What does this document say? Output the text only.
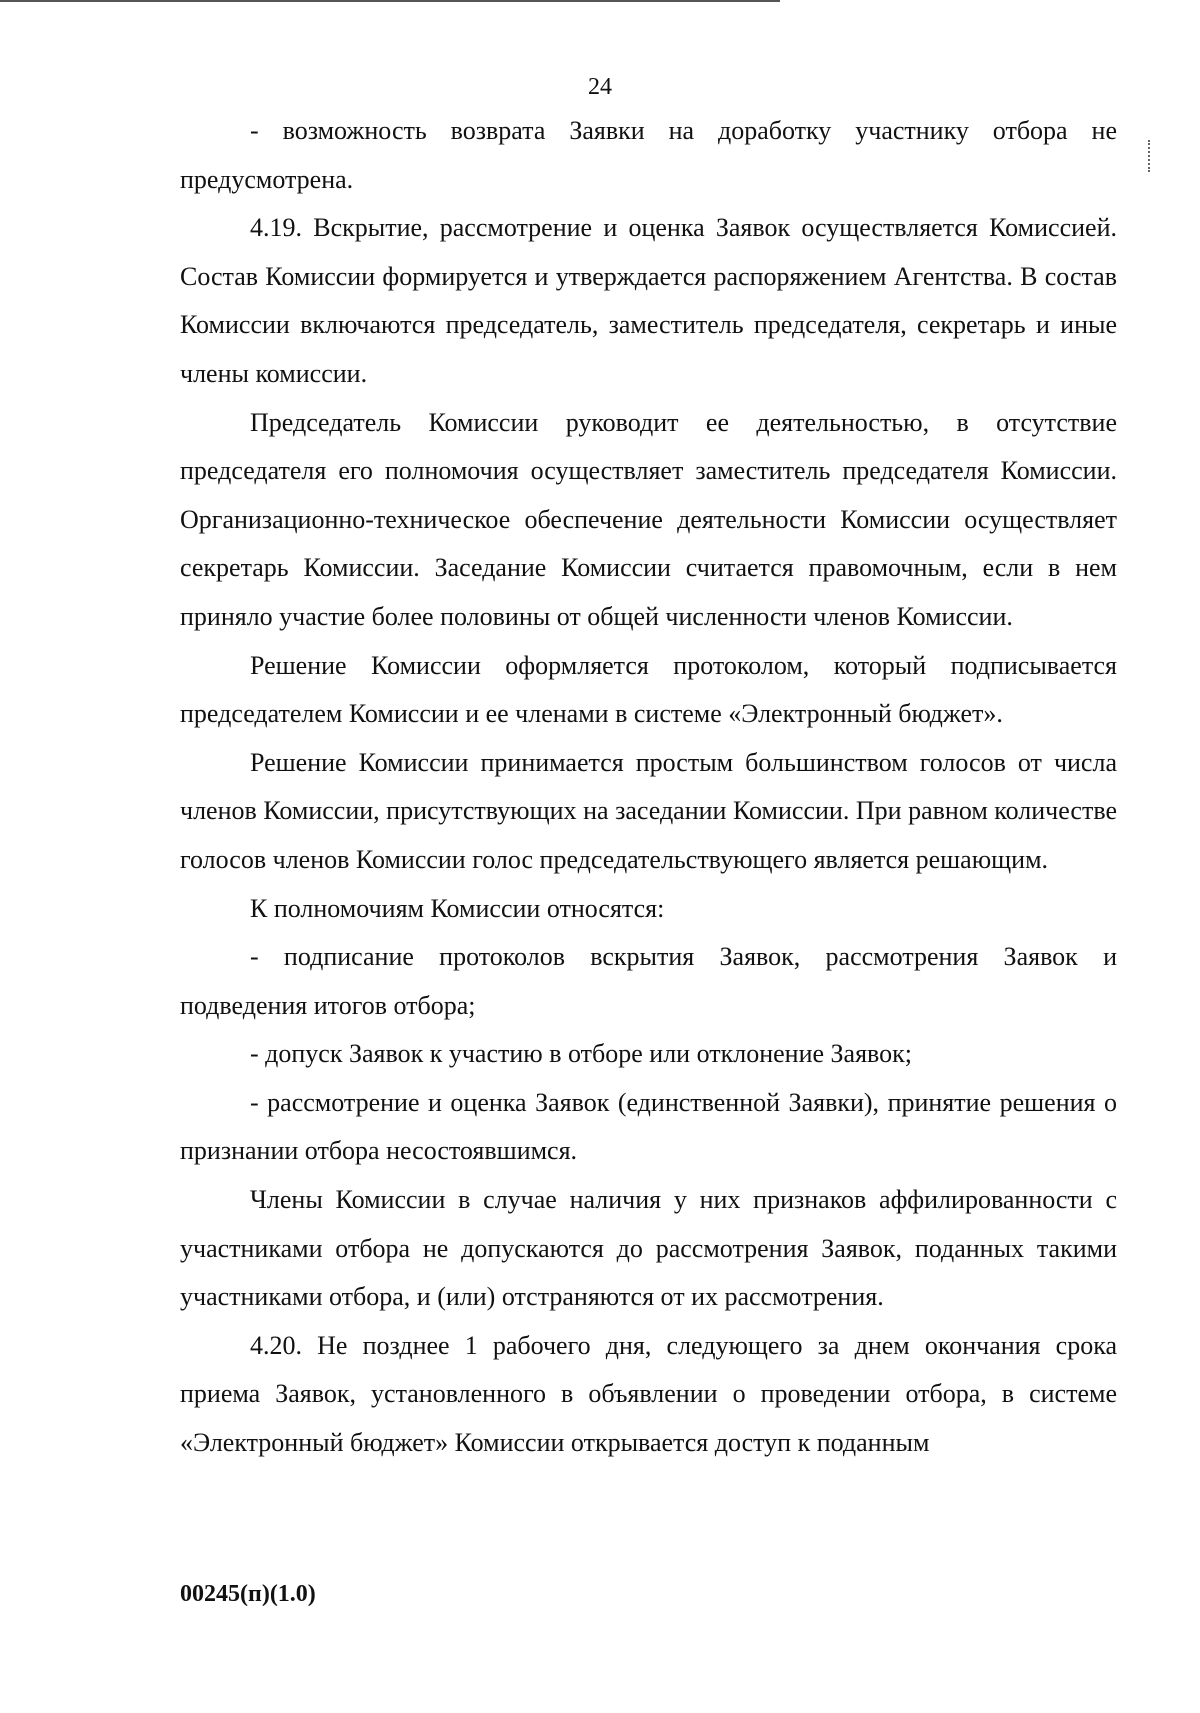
24

- возможность возврата Заявки на доработку участнику отбора не предусмотрена.

4.19. Вскрытие, рассмотрение и оценка Заявок осуществляется Комиссией. Состав Комиссии формируется и утверждается распоряжением Агентства. В состав Комиссии включаются председатель, заместитель председателя, секретарь и иные члены комиссии.

Председатель Комиссии руководит ее деятельностью, в отсутствие председателя его полномочия осуществляет заместитель председателя Комиссии. Организационно-техническое обеспечение деятельности Комиссии осуществляет секретарь Комиссии. Заседание Комиссии считается правомочным, если в нем приняло участие более половины от общей численности членов Комиссии.

Решение Комиссии оформляется протоколом, который подписывается председателем Комиссии и ее членами в системе «Электронный бюджет».

Решение Комиссии принимается простым большинством голосов от числа членов Комиссии, присутствующих на заседании Комиссии. При равном количестве голосов членов Комиссии голос председательствующего является решающим.

К полномочиям Комиссии относятся:

- подписание протоколов вскрытия Заявок, рассмотрения Заявок и подведения итогов отбора;

- допуск Заявок к участию в отборе или отклонение Заявок;

- рассмотрение и оценка Заявок (единственной Заявки), принятие решения о признании отбора несостоявшимся.

Члены Комиссии в случае наличия у них признаков аффилированности с участниками отбора не допускаются до рассмотрения Заявок, поданных такими участниками отбора, и (или) отстраняются от их рассмотрения.

4.20. Не позднее 1 рабочего дня, следующего за днем окончания срока приема Заявок, установленного в объявлении о проведении отбора, в системе «Электронный бюджет» Комиссии открывается доступ к поданным

00245(п)(1.0)
